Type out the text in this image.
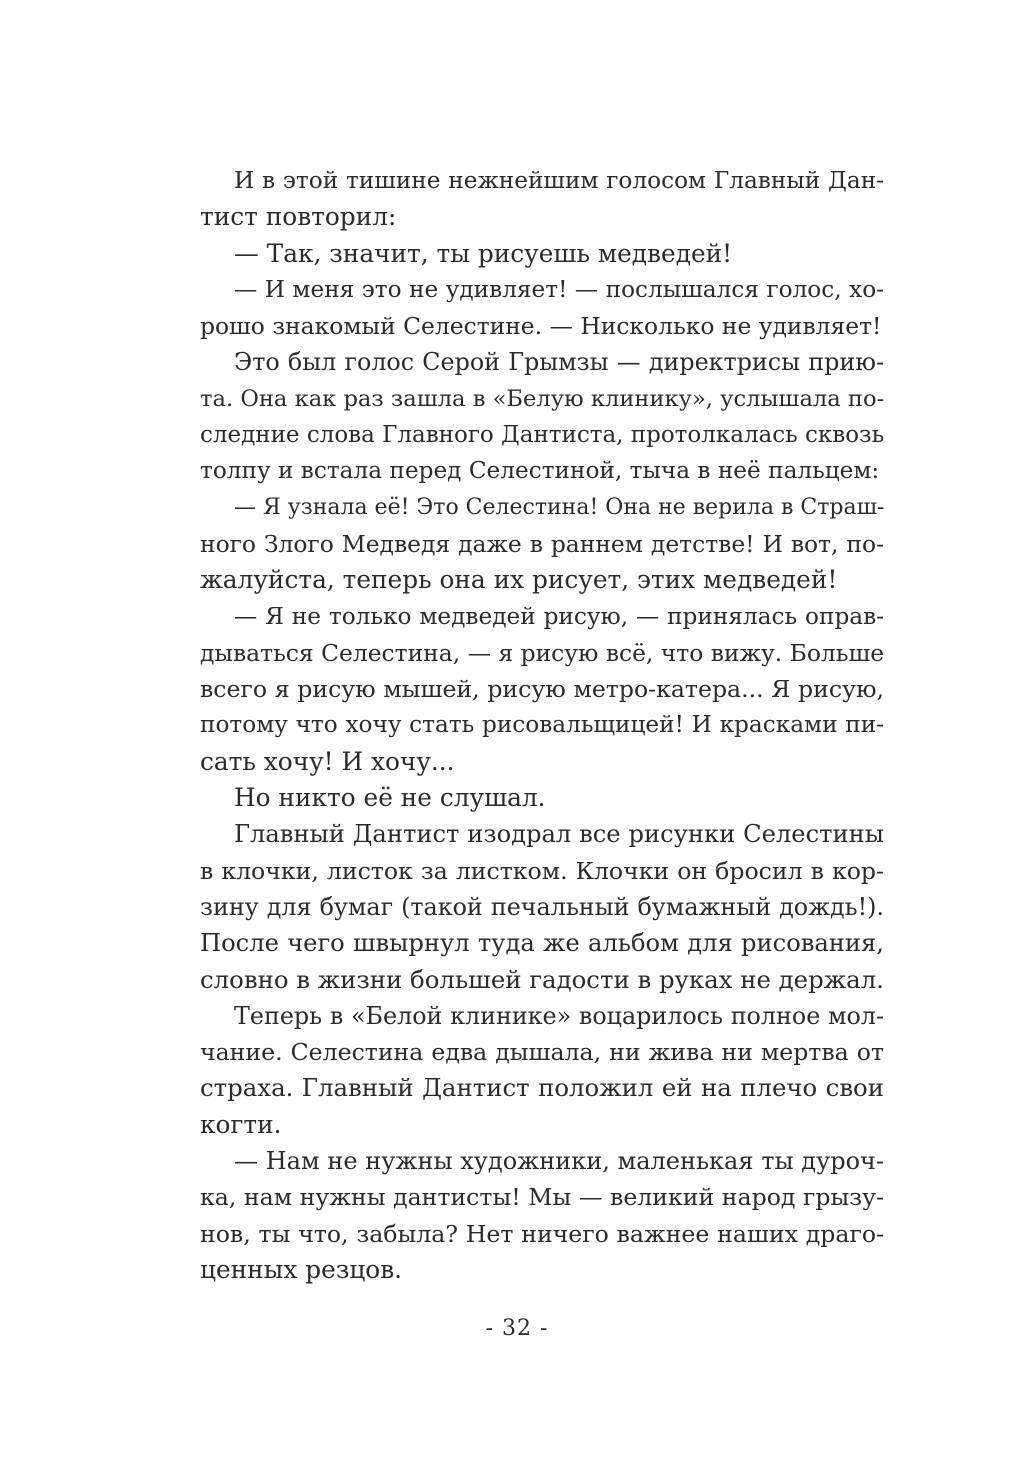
И в этой тишине нежнейшим голосом Главный Дан-
тист повторил:
— Так, значит, ты рисуешь медведей!
— И меня это не удивляет! — послышался голос, хо-
рошо знакомый Селестине. — Нисколько не удивляет!
Это был голос Серой Грымзы — директрисы прию-
та. Она как раз зашла в «Белую клинику», услышала по-
следние слова Главного Дантиста, протолкалась сквозь
толпу и встала перед Селестиной, тыча в неё пальцем:
— Я узнала её! Это Селестина! Она не верила в Страш-
ного Злого Медведя даже в раннем детстве! И вот, по-
жалуйста, теперь она их рисует, этих медведей!
— Я не только медведей рисую, — принялась оправ-
дываться Селестина, — я рисую всё, что вижу. Больше
всего я рисую мышей, рисую метро-катера... Я рисую,
потому что хочу стать рисовальщицей! И красками пи-
сать хочу! И хочу...
Но никто её не слушал.
Главный Дантист изодрал все рисунки Селестины
в клочки, листок за листком. Клочки он бросил в кор-
зину для бумаг (такой печальный бумажный дождь!).
После чего швырнул туда же альбом для рисования,
словно в жизни большей гадости в руках не держал.
Теперь в «Белой клинике» воцарилось полное мол-
чание. Селестина едва дышала, ни жива ни мертва от
страха. Главный Дантист положил ей на плечо свои
когти.
— Нам не нужны художники, маленькая ты дуроч-
ка, нам нужны дантисты! Мы — великий народ грызу-
нов, ты что, забыла? Нет ничего важнее наших драго-
ценных резцов.
- 32 -
